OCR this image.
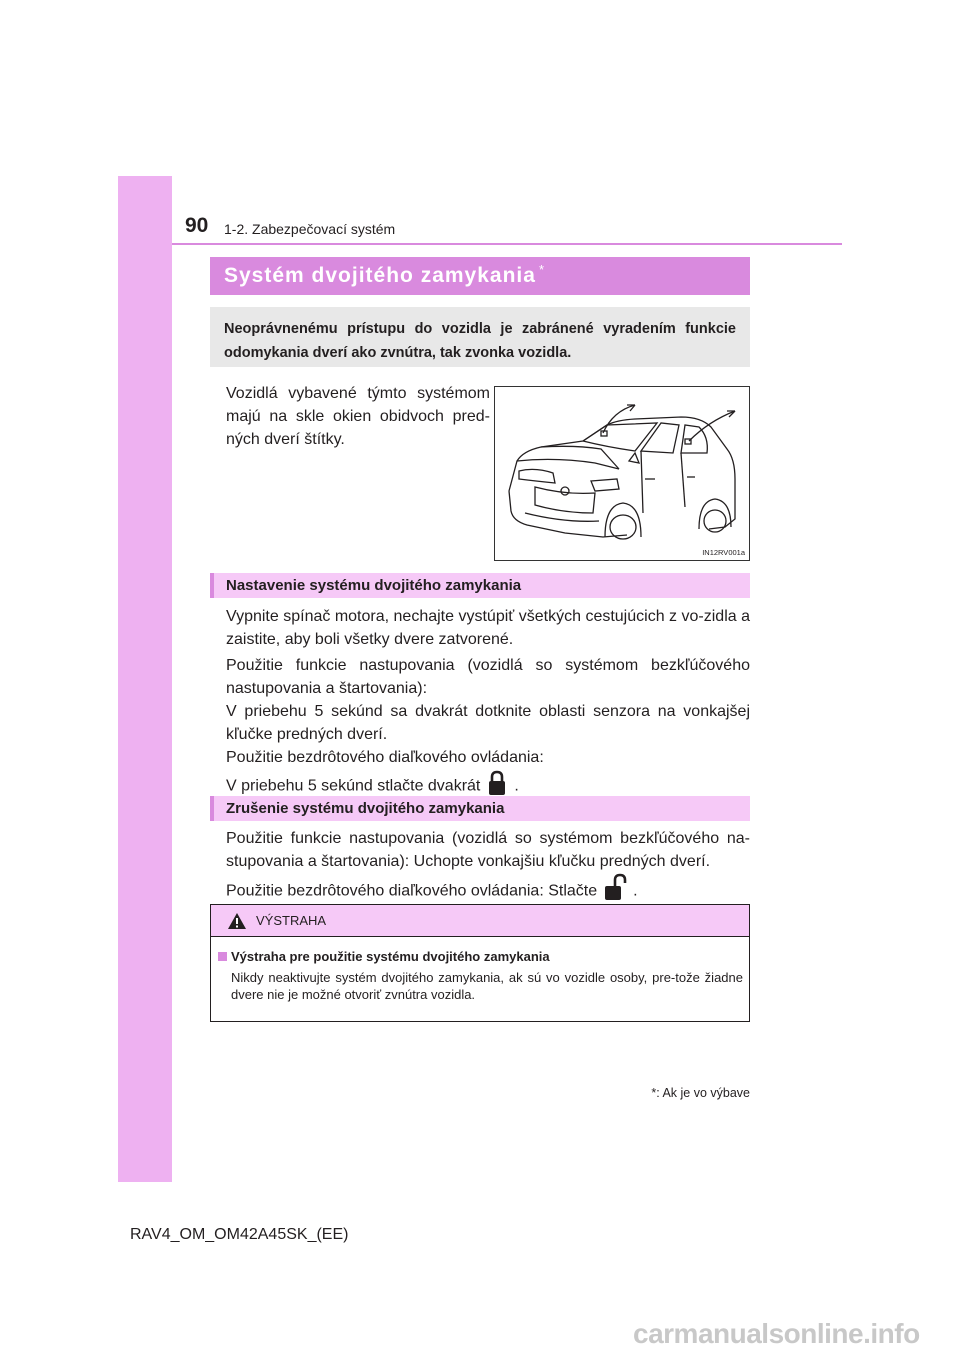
90 1-2. Zabezpečovací systém
Systém dvojitého zamykania *
Neoprávnenému prístupu do vozidla je zabránené vyradením funkcie odomykania dverí ako zvnútra, tak zvonka vozidla.
Vozidlá vybavené týmto systémom majú na skle okien obidvoch pred-ných dverí štítky.
IN12RV001a
Nastavenie systému dvojitého zamykania
Vypnite spínač motora, nechajte vystúpiť všetkých cestujúcich z vo-zidla a zaistite, aby boli všetky dvere zatvorené.
Použitie funkcie nastupovania (vozidlá so systémom bezkľúčového nastupovania a štartovania):
V priebehu 5 sekúnd sa dvakrát dotknite oblasti senzora na vonkajšej kľučke predných dverí.
Použitie bezdrôtového diaľkového ovládania:
V priebehu 5 sekúnd stlačte dvakrát .
Zrušenie systému dvojitého zamykania
Použitie funkcie nastupovania (vozidlá so systémom bezkľúčového na-stupovania a štartovania): Uchopte vonkajšiu kľučku predných dverí.
Použitie bezdrôtového diaľkového ovládania: Stlačte .
VÝSTRAHA
Výstraha pre použitie systému dvojitého zamykania
Nikdy neaktivujte systém dvojitého zamykania, ak sú vo vozidle osoby, pre-tože žiadne dvere nie je možné otvoriť zvnútra vozidla.
*: Ak je vo výbave
RAV4_OM_OM42A45SK_(EE)
carmanualsonline.info
